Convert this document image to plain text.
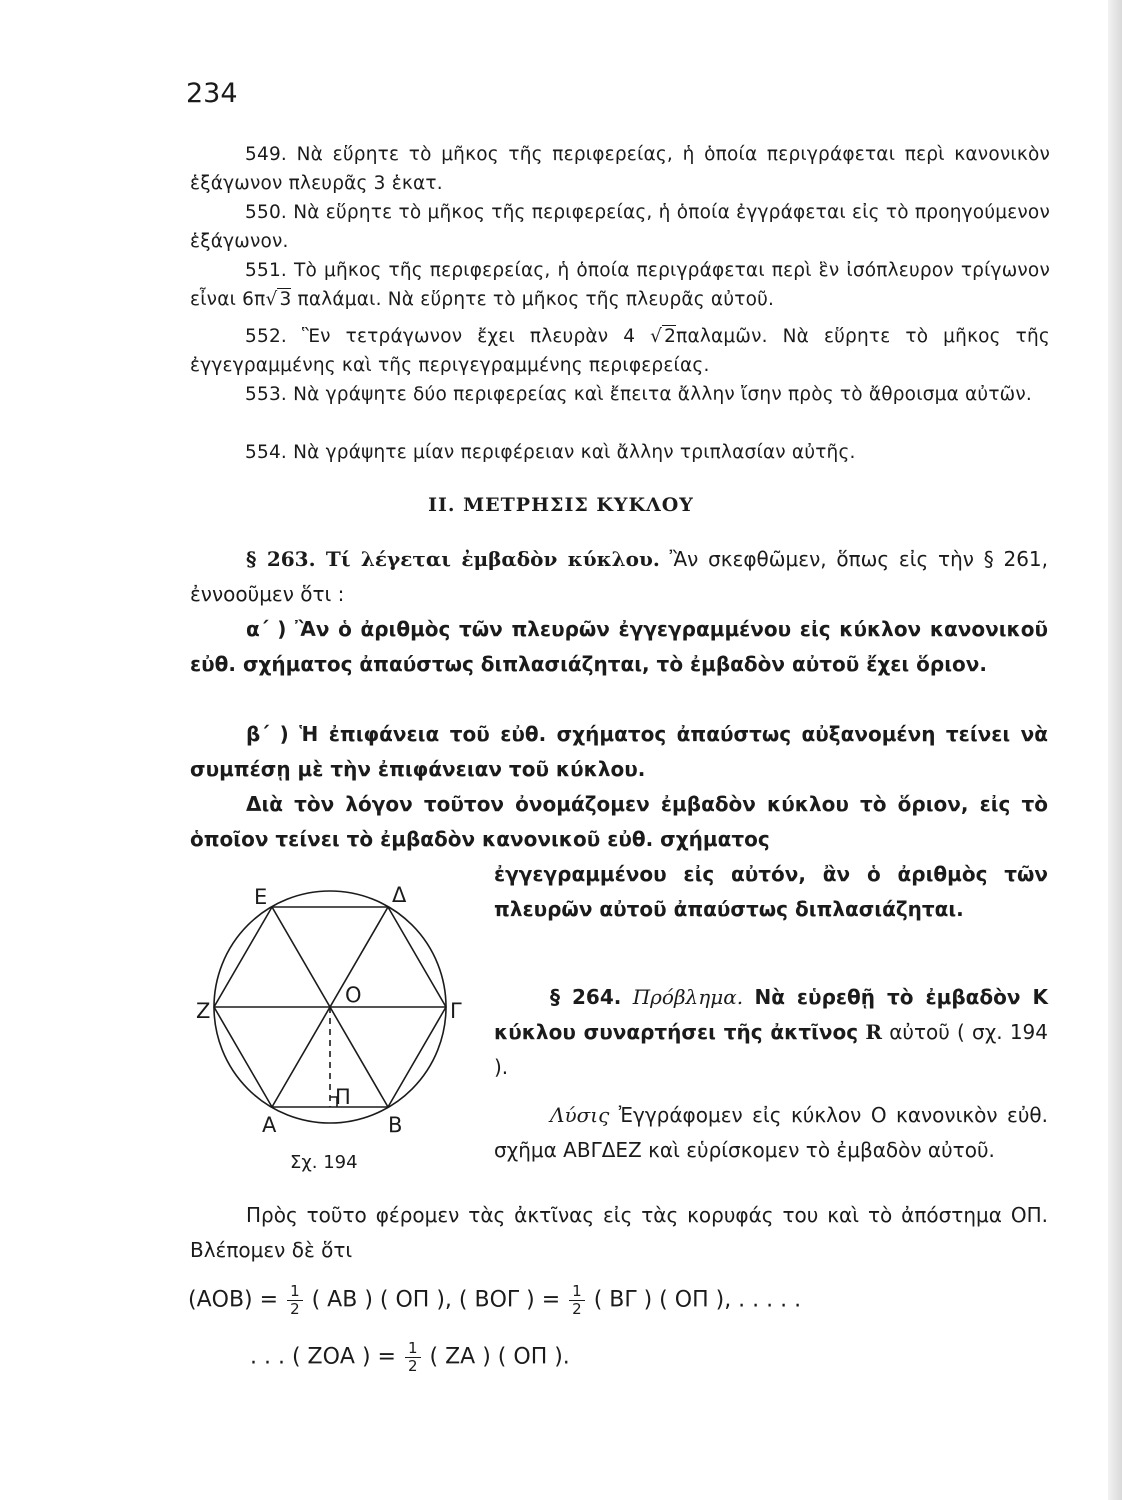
234
549. Νὰ εὕρητε τὸ μῆκος τῆς περιφερείας, ἡ ὁποία περιγράφεται περὶ κανονικὸν ἑξάγωνον πλευρᾶς 3 ἑκατ.
550. Νὰ εὕρητε τὸ μῆκος τῆς περιφερείας, ἡ ὁποία ἐγγράφεται εἰς τὸ προηγούμενον ἑξάγωνον.
551. Τὸ μῆκος τῆς περιφερείας, ἡ ὁποία περιγράφεται περὶ ἓν ἰσόπλευρον τρίγωνον εἶναι 6π√ 3 παλάμαι. Νὰ εὕρητε τὸ μῆκος τῆς πλευρᾶς αὐτοῦ.
552. Ἓν τετράγωνον ἔχει πλευρὰν 4 √ 2παλαμῶν. Νὰ εὕρητε τὸ μῆκος τῆς ἐγγεγραμμένης καὶ τῆς περιγεγραμμένης περιφερείας.
553. Νὰ γράψητε δύο περιφερείας καὶ ἔπειτα ἄλλην ἴσην πρὸς τὸ ἄθροισμα αὐτῶν.
554. Νὰ γράψητε μίαν περιφέρειαν καὶ ἄλλην τριπλασίαν αὐτῆς.
ΙΙ. ΜΕΤΡΗΣΙΣ ΚΥΚΛΟΥ
§ 263. Τί λέγεται ἐμβαδὸν κύκλου. Ἂν σκεφθῶμεν, ὅπως εἰς τὴν § 261, ἐννοοῦμεν ὅτι :
α΄ ) Ἂν ὁ ἀριθμὸς τῶν πλευρῶν ἐγγεγραμμένου εἰς κύκλον κανονικοῦ εὐθ. σχήματος ἀπαύστως διπλασιάζηται, τὸ ἐμβαδὸν αὐτοῦ ἔχει ὅριον.
β΄ ) Ἡ ἐπιφάνεια τοῦ εὐθ. σχήματος ἀπαύστως αὐξανομένη τείνει νὰ συμπέσῃ μὲ τὴν ἐπιφάνειαν τοῦ κύκλου.
Διὰ τὸν λόγον τοῦτον ὀνομάζομεν ἐμβαδὸν κύκλου τὸ ὅριον, εἰς τὸ ὁποῖον τείνει τὸ ἐμβαδὸν κανονικοῦ εὐθ. σχήματος
ἐγγεγραμμένου εἰς αὐτόν, ἂν ὁ ἀριθμὸς τῶν πλευρῶν αὐτοῦ ἀπαύστως διπλασιάζηται.
Ε	Δ
Ζ
Ο
Γ
Π
Α	Β
Σχ. 194
§ 264. Πρόβλημα. Νὰ εὑρεθῇ τὸ ἐμβαδὸν Κ κύκλου συναρτήσει τῆς ἀκτῖνος R αὐτοῦ ( σχ. 194 ).
Λύσις Ἐγγράφομεν εἰς κύκλον Ο κανονικὸν εὐθ. σχῆμα ΑΒΓΔΕΖ καὶ εὑρίσκομεν τὸ ἐμβαδὸν αὐτοῦ.
Πρὸς τοῦτο φέρομεν τὰς ἀκτῖνας εἰς τὰς κορυφάς του καὶ τὸ ἀπόστημα ΟΠ. Βλέπομεν δὲ ὅτι
$(AOB) = \frac{1}{2}$ ( ΑΒ ) ( ΟΠ ), ( ΒΟΓ ) = $\frac{1}{2}$ ( ΒΓ ) ( ΟΠ ), . . . . .
. . . ( ΖΟΑ ) = $\frac{1}{2}$ ( ΖΑ ) ( ΟΠ ).
